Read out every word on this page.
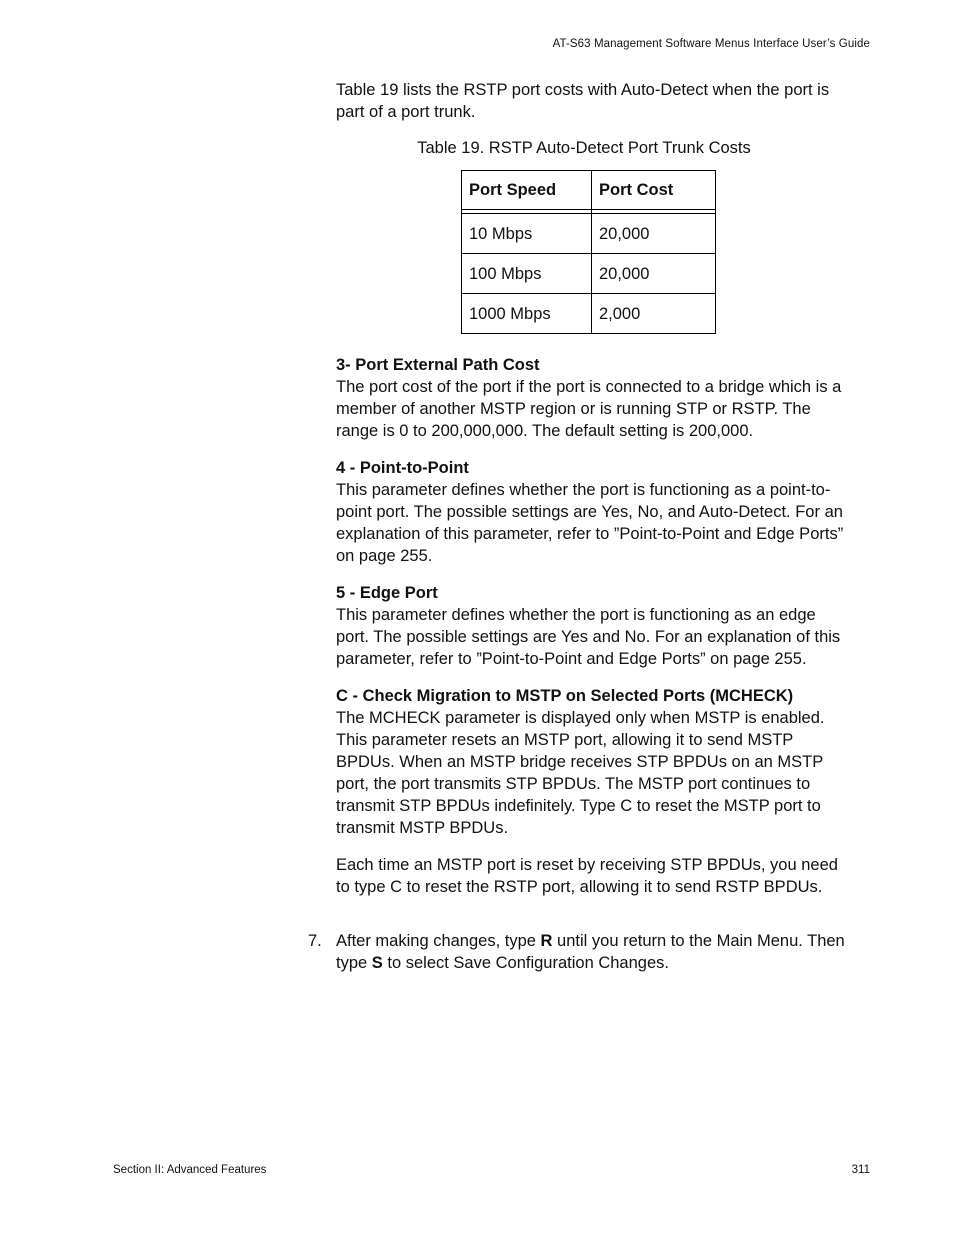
AT-S63 Management Software Menus Interface User’s Guide

Table 19 lists the RSTP port costs with Auto-Detect when the port is part of a port trunk.

Table 19. RSTP Auto-Detect Port Trunk Costs

Port Speed	Port Cost

10 Mbps	20,000
100 Mbps	20,000
1000 Mbps	2,000
3- Port External Path Cost

The port cost of the port if the port is connected to a bridge which is a member of another MSTP region or is running STP or RSTP. The range is 0 to 200,000,000. The default setting is 200,000.

4 - Point-to-Point

This parameter defines whether the port is functioning as a point-to-point port. The possible settings are Yes, No, and Auto-Detect. For an explanation of this parameter, refer to ”Point-to-Point and Edge Ports” on page 255.

5 - Edge Port

This parameter defines whether the port is functioning as an edge port. The possible settings are Yes and No. For an explanation of this parameter, refer to ”Point-to-Point and Edge Ports” on page 255.

C - Check Migration to MSTP on Selected Ports (MCHECK)

The MCHECK parameter is displayed only when MSTP is enabled. This parameter resets an MSTP port, allowing it to send MSTP BPDUs. When an MSTP bridge receives STP BPDUs on an MSTP port, the port transmits STP BPDUs. The MSTP port continues to transmit STP BPDUs indefinitely. Type C to reset the MSTP port to transmit MSTP BPDUs.

Each time an MSTP port is reset by receiving STP BPDUs, you need to type C to reset the RSTP port, allowing it to send RSTP BPDUs.

7. After making changes, type R until you return to the Main Menu. Then type S to select Save Configuration Changes.

Section II: Advanced Features	311
